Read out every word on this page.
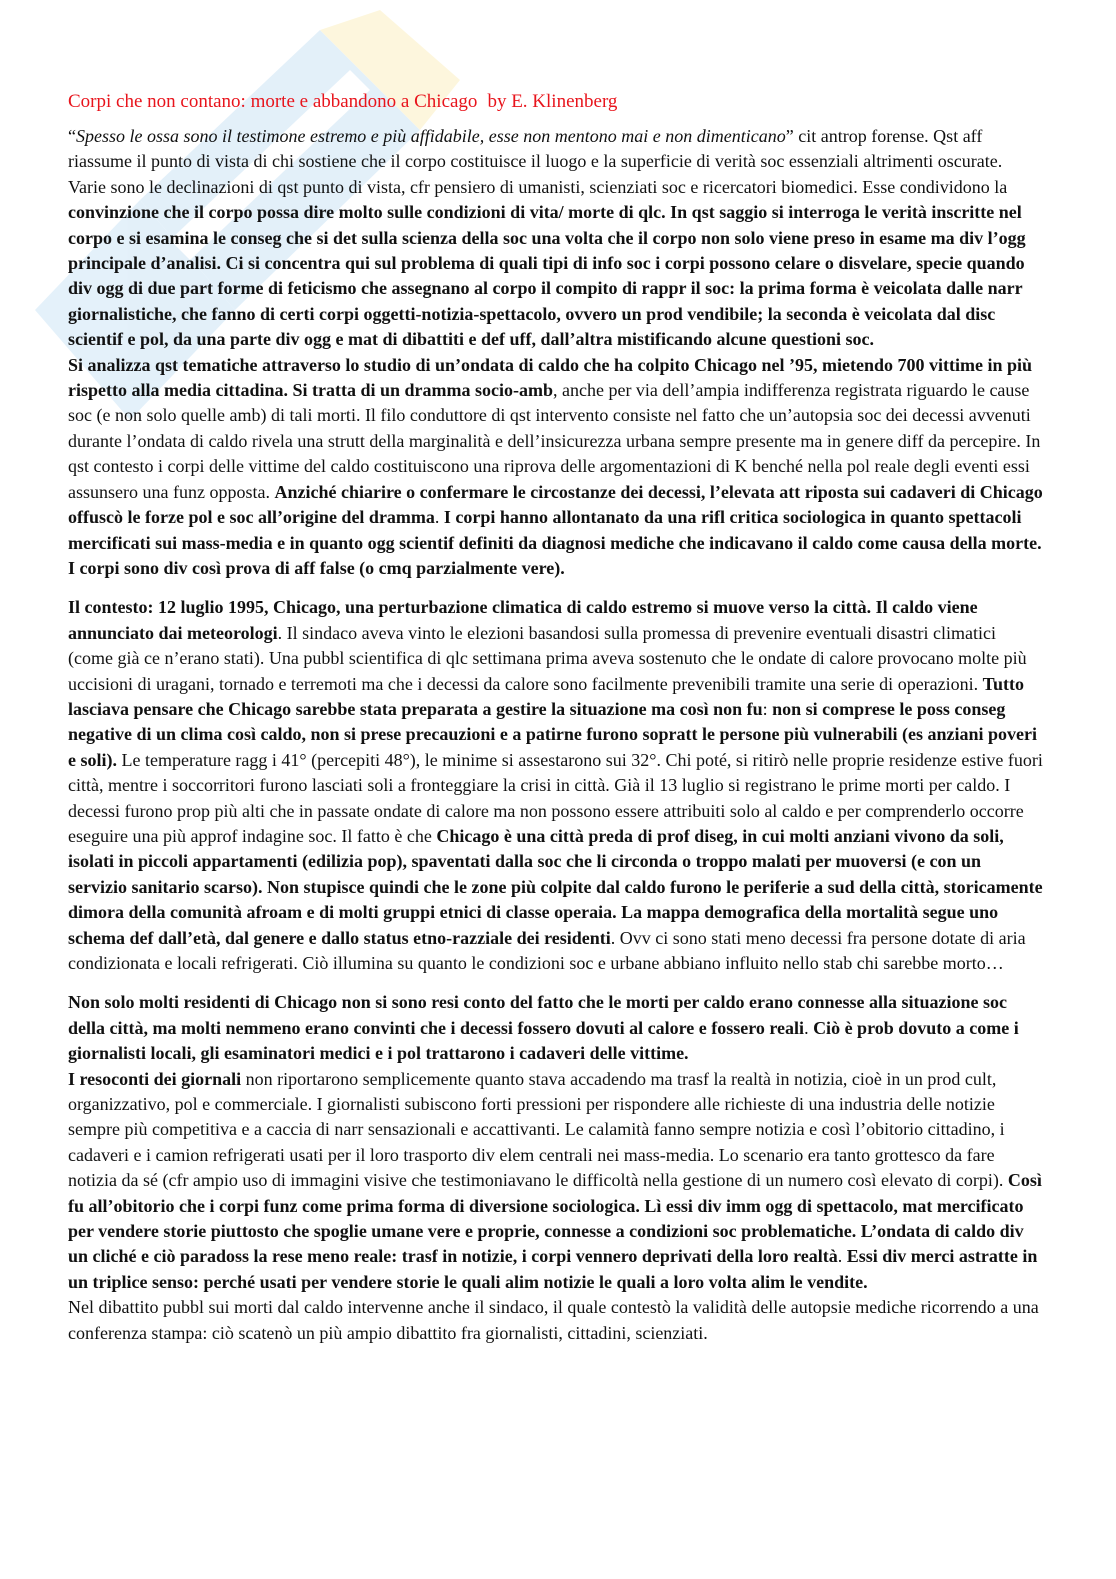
Corpi che non contano: morte e abbandono a Chicago by E. Klinenberg

“Spesso le ossa sono il testimone estremo e più affidabile, esse non mentono mai e non dimenticano” cit antrop forense. Qst aff riassume il punto di vista di chi sostiene che il corpo costituisce il luogo e la superficie di verità soc essenziali altrimenti oscurate. Varie sono le declinazioni di qst punto di vista, cfr pensiero di umanisti, scienziati soc e ricercatori biomedici. Esse condividono la convinzione che il corpo possa dire molto sulle condizioni di vita/ morte di qlc. In qst saggio si interroga le verità inscritte nel corpo e si esamina le conseg che si det sulla scienza della soc una volta che il corpo non solo viene preso in esame ma div l’ogg principale d’analisi. Ci si concentra qui sul problema di quali tipi di info soc i corpi possono celare o disvelare, specie quando div ogg di due part forme di feticismo che assegnano al corpo il compito di rappr il soc: la prima forma è veicolata dalle narr giornalistiche, che fanno di certi corpi oggetti-notizia-spettacolo, ovvero un prod vendibile; la seconda è veicolata dal disc scientif e pol, da una parte div ogg e mat di dibattiti e def uff, dall’altra mistificando alcune questioni soc.

Si analizza qst tematiche attraverso lo studio di un’ondata di caldo che ha colpito Chicago nel ’95, mietendo 700 vittime in più rispetto alla media cittadina. Si tratta di un dramma socio-amb, anche per via dell’ampia indifferenza registrata riguardo le cause soc (e non solo quelle amb) di tali morti. Il filo conduttore di qst intervento consiste nel fatto che un’autopsia soc dei decessi avvenuti durante l’ondata di caldo rivela una strutt della marginalità e dell’insicurezza urbana sempre presente ma in genere diff da percepire. In qst contesto i corpi delle vittime del caldo costituiscono una riprova delle argomentazioni di K benché nella pol reale degli eventi essi assunsero una funz opposta. Anziché chiarire o confermare le circostanze dei decessi, l’elevata att riposta sui cadaveri di Chicago offuscò le forze pol e soc all’origine del dramma. I corpi hanno allontanato da una rifl critica sociologica in quanto spettacoli mercificati sui mass-media e in quanto ogg scientif definiti da diagnosi mediche che indicavano il caldo come causa della morte. I corpi sono div così prova di aff false (o cmq parzialmente vere).

Il contesto: 12 luglio 1995, Chicago, una perturbazione climatica di caldo estremo si muove verso la città. Il caldo viene annunciato dai meteorologi. Il sindaco aveva vinto le elezioni basandosi sulla promessa di prevenire eventuali disastri climatici (come già ce n’erano stati). Una pubbl scientifica di qlc settimana prima aveva sostenuto che le ondate di calore provocano molte più uccisioni di uragani, tornado e terremoti ma che i decessi da calore sono facilmente prevenibili tramite una serie di operazioni. Tutto lasciava pensare che Chicago sarebbe stata preparata a gestire la situazione ma così non fu: non si comprese le poss conseg negative di un clima così caldo, non si prese precauzioni e a patirne furono sopratt le persone più vulnerabili (es anziani poveri e soli). Le temperature ragg i 41° (percepiti 48°), le minime si assestarono sui 32°. Chi poté, si ritirò nelle proprie residenze estive fuori città, mentre i soccorritori furono lasciati soli a fronteggiare la crisi in città. Già il 13 luglio si registrano le prime morti per caldo. I decessi furono prop più alti che in passate ondate di calore ma non possono essere attribuiti solo al caldo e per comprenderlo occorre eseguire una più approf indagine soc. Il fatto è che Chicago è una città preda di prof diseg, in cui molti anziani vivono da soli, isolati in piccoli appartamenti (edilizia pop), spaventati dalla soc che li circonda o troppo malati per muoversi (e con un servizio sanitario scarso). Non stupisce quindi che le zone più colpite dal caldo furono le periferie a sud della città, storicamente dimora della comunità afroam e di molti gruppi etnici di classe operaia. La mappa demografica della mortalità segue uno schema def dall’età, dal genere e dallo status etno-razziale dei residenti. Ovv ci sono stati meno decessi fra persone dotate di aria condizionata e locali refrigerati. Ciò illumina su quanto le condizioni soc e urbane abbiano influito nello stab chi sarebbe morto…

Non solo molti residenti di Chicago non si sono resi conto del fatto che le morti per caldo erano connesse alla situazione soc della città, ma molti nemmeno erano convinti che i decessi fossero dovuti al calore e fossero reali. Ciò è prob dovuto a come i giornalisti locali, gli esaminatori medici e i pol trattarono i cadaveri delle vittime.

I resoconti dei giornali non riportarono semplicemente quanto stava accadendo ma trasf la realtà in notizia, cioè in un prod cult, organizzativo, pol e commerciale. I giornalisti subiscono forti pressioni per rispondere alle richieste di una industria delle notizie sempre più competitiva e a caccia di narr sensazionali e accattivanti. Le calamità fanno sempre notizia e così l’obitorio cittadino, i cadaveri e i camion refrigerati usati per il loro trasporto div elem centrali nei mass-media. Lo scenario era tanto grottesco da fare notizia da sé (cfr ampio uso di immagini visive che testimoniavano le difficoltà nella gestione di un numero così elevato di corpi). Così fu all’obitorio che i corpi funz come prima forma di diversione sociologica. Lì essi div imm ogg di spettacolo, mat mercificato per vendere storie piuttosto che spoglie umane vere e proprie, connesse a condizioni soc problematiche. L’ondata di caldo div un cliché e ciò paradoss la rese meno reale: trasf in notizie, i corpi vennero deprivati della loro realtà. Essi div merci astratte in un triplice senso: perché usati per vendere storie le quali alim notizie le quali a loro volta alim le vendite.

Nel dibattito pubbl sui morti dal caldo intervenne anche il sindaco, il quale contestò la validità delle autopsie mediche ricorrendo a una conferenza stampa: ciò scatenò un più ampio dibattito fra giornalisti, cittadini, scienziati.
